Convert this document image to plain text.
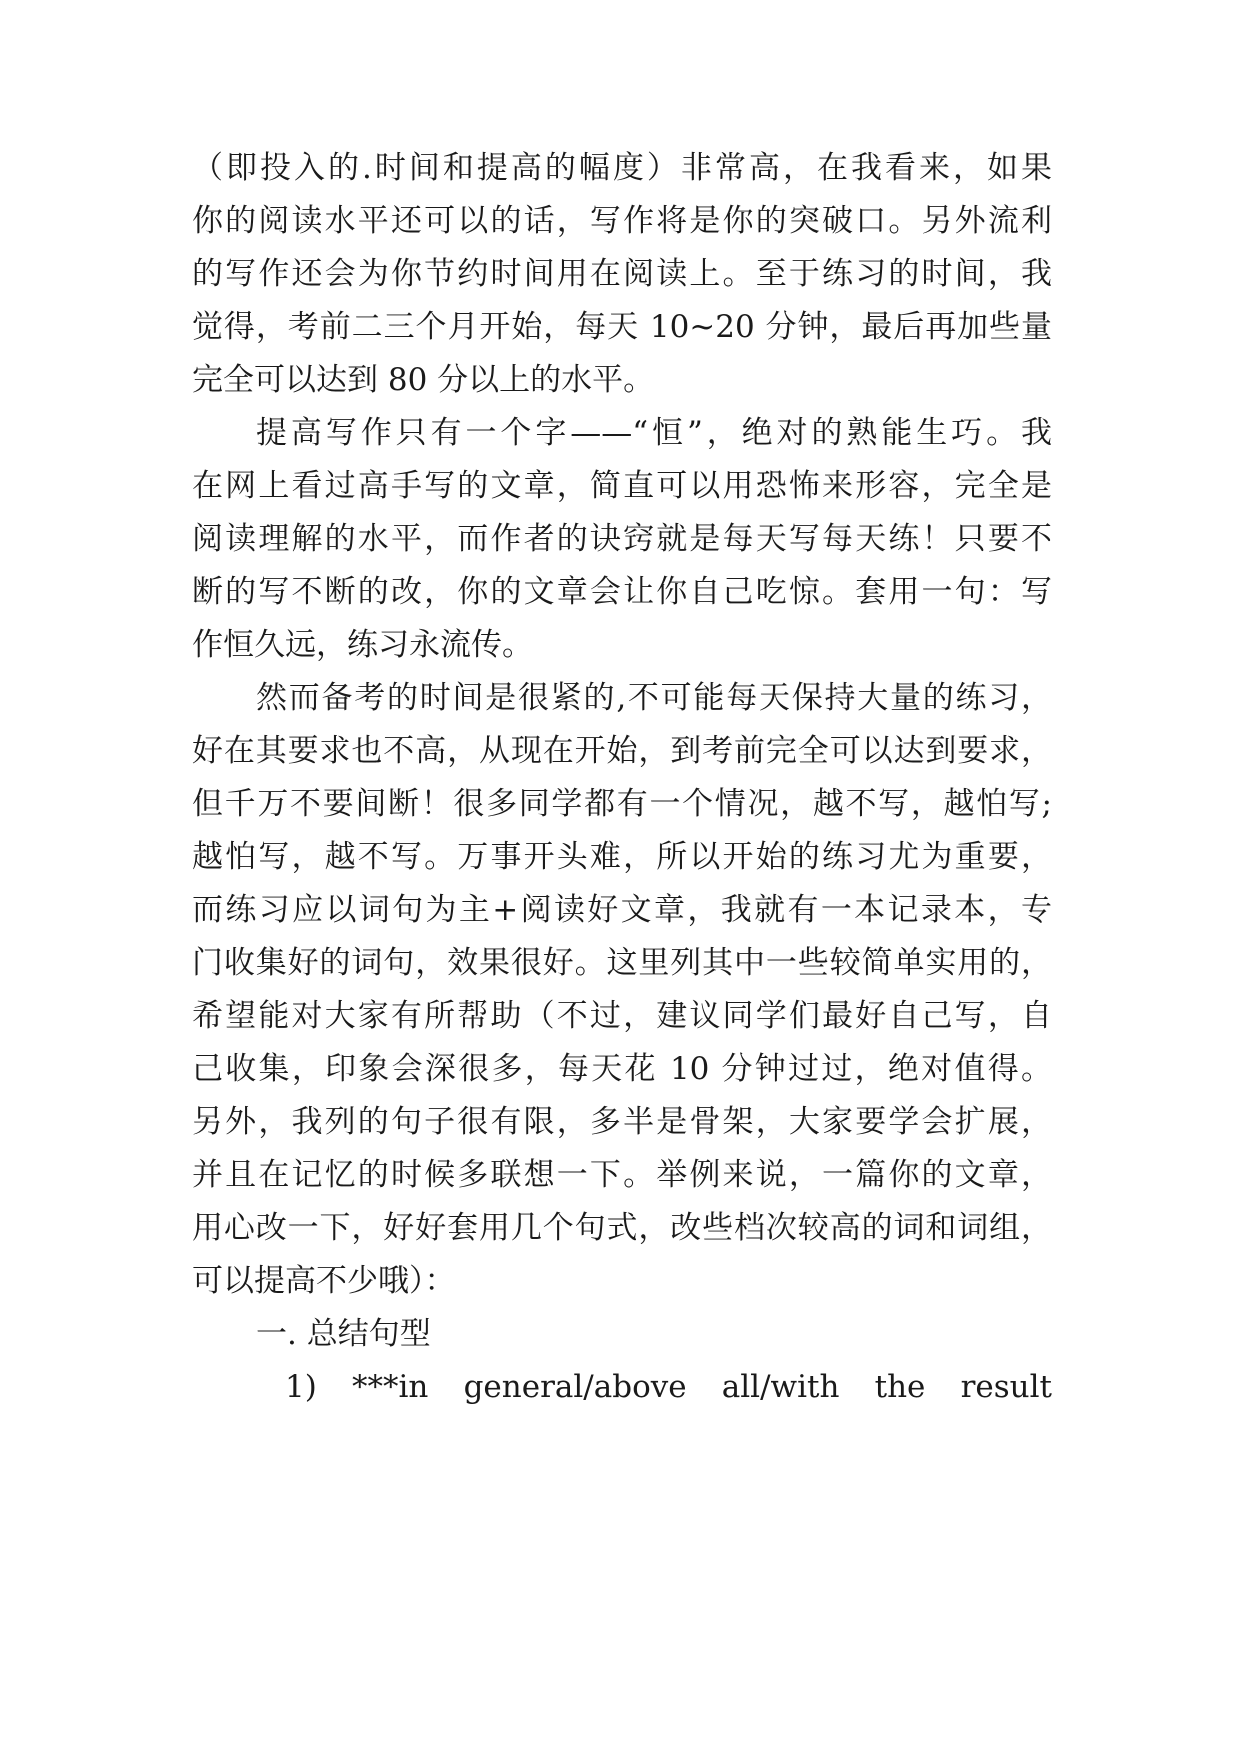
（即投入的.时间和提高的幅度）非常高，在我看来，如果
你的阅读水平还可以的话，写作将是你的突破口。另外流利
的写作还会为你节约时间用在阅读上。至于练习的时间，我
觉得，考前二三个月开始，每天 10~20 分钟，最后再加些量
完全可以达到 80 分以上的水平。
提高写作只有一个字——“恒”，绝对的熟能生巧。我
在网上看过高手写的文章，简直可以用恐怖来形容，完全是
阅读理解的水平，而作者的诀窍就是每天写每天练！只要不
断的写不断的改，你的文章会让你自己吃惊。套用一句：写
作恒久远，练习永流传。
然而备考的时间是很紧的,不可能每天保持大量的练习，
好在其要求也不高，从现在开始，到考前完全可以达到要求，
但千万不要间断！很多同学都有一个情况，越不写，越怕写;
越怕写，越不写。万事开头难，所以开始的练习尤为重要，
而练习应以词句为主+阅读好文章，我就有一本记录本，专
门收集好的词句，效果很好。这里列其中一些较简单实用的，
希望能对大家有所帮助（不过，建议同学们最好自己写，自
己收集，印象会深很多，每天花 10 分钟过过，绝对值得。
另外，我列的句子很有限，多半是骨架，大家要学会扩展，
并且在记忆的时候多联想一下。举例来说，一篇你的文章，
用心改一下，好好套用几个句式，改些档次较高的词和词组，
可以提高不少哦）：
一. 总结句型
1) ***in general/above all/with the result
